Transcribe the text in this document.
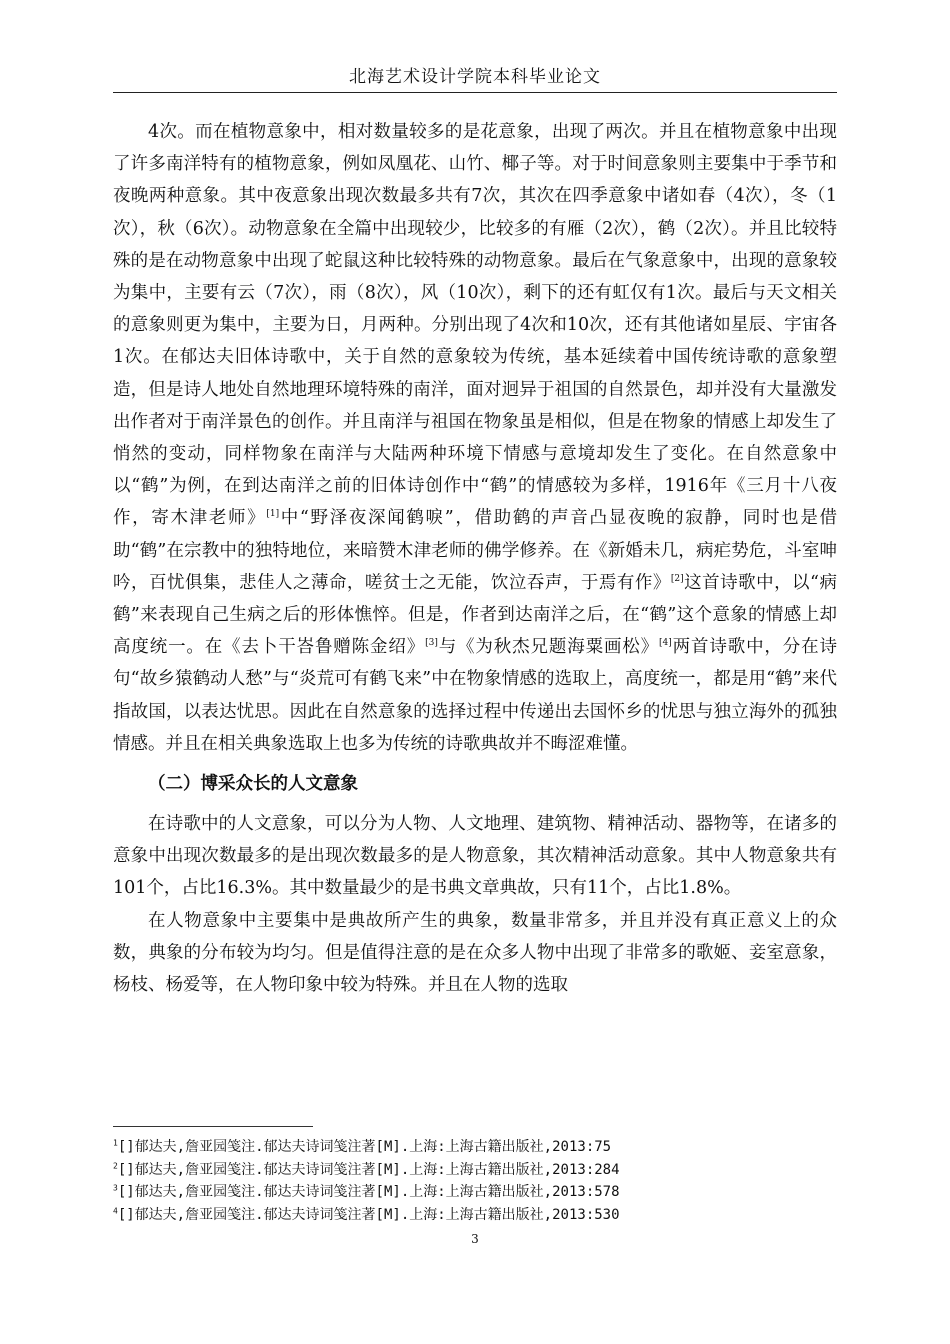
北海艺术设计学院本科毕业论文

4次。而在植物意象中，相对数量较多的是花意象，出现了两次。并且在植物意象中出现了许多南洋特有的植物意象，例如凤凰花、山竹、椰子等。对于时间意象则主要集中于季节和夜晚两种意象。其中夜意象出现次数最多共有7次，其次在四季意象中诸如春（4次），冬（1次），秋（6次）。动物意象在全篇中出现较少，比较多的有雁（2次），鹤（2次）。并且比较特殊的是在动物意象中出现了蛇鼠这种比较特殊的动物意象。最后在气象意象中，出现的意象较为集中，主要有云（7次），雨（8次），风（10次），剩下的还有虹仅有1次。最后与天文相关的意象则更为集中，主要为日，月两种。分别出现了4次和10次，还有其他诸如星辰、宇宙各1次。在郁达夫旧体诗歌中，关于自然的意象较为传统，基本延续着中国传统诗歌的意象塑造，但是诗人地处自然地理环境特殊的南洋，面对迥异于祖国的自然景色，却并没有大量激发出作者对于南洋景色的创作。并且南洋与祖国在物象虽是相似，但是在物象的情感上却发生了悄然的变动，同样物象在南洋与大陆两种环境下情感与意境却发生了变化。在自然意象中以“鹤”为例，在到达南洋之前的旧体诗创作中“鹤”的情感较为多样，1916年《三月十八夜作，寄木津老师》[1]中“野泽夜深闻鹤唳”，借助鹤的声音凸显夜晚的寂静，同时也是借助“鹤”在宗教中的独特地位，来暗赞木津老师的佛学修养。在《新婚未几，病疟势危，斗室呻吟，百忧俱集，悲佳人之薄命，嗟贫士之无能，饮泣吞声，于焉有作》[2]这首诗歌中，以“病鹤”来表现自己生病之后的形体憔悴。但是，作者到达南洋之后，在“鹤”这个意象的情感上却高度统一。在《去卜干峇鲁赠陈金绍》[3]与《为秋杰兄题海粟画松》[4]两首诗歌中，分在诗句“故乡猿鹤动人愁”与“炎荒可有鹤飞来”中在物象情感的选取上，高度统一，都是用“鹤”来代指故国，以表达忧思。因此在自然意象的选择过程中传递出去国怀乡的忧思与独立海外的孤独情感。并且在相关典象选取上也多为传统的诗歌典故并不晦涩难懂。

（二）博采众长的人文意象

在诗歌中的人文意象，可以分为人物、人文地理、建筑物、精神活动、器物等，在诸多的意象中出现次数最多的是出现次数最多的是人物意象，其次精神活动意象。其中人物意象共有101个，占比16.3%。其中数量最少的是书典文章典故，只有11个，占比1.8%。

在人物意象中主要集中是典故所产生的典象，数量非常多，并且并没有真正意义上的众数，典象的分布较为均匀。但是值得注意的是在众多人物中出现了非常多的歌姬、妾室意象，杨枝、杨爱等，在人物印象中较为特殊。并且在人物的选取

$^1$[]郁达夫,詹亚园笺注.郁达夫诗词笺注著[M].上海:上海古籍出版社,2013:75
$^2$[]郁达夫,詹亚园笺注.郁达夫诗词笺注著[M].上海:上海古籍出版社,2013:284
$^3$[]郁达夫,詹亚园笺注.郁达夫诗词笺注著[M].上海:上海古籍出版社,2013:578
$^4$[]郁达夫,詹亚园笺注.郁达夫诗词笺注著[M].上海:上海古籍出版社,2013:530
3
